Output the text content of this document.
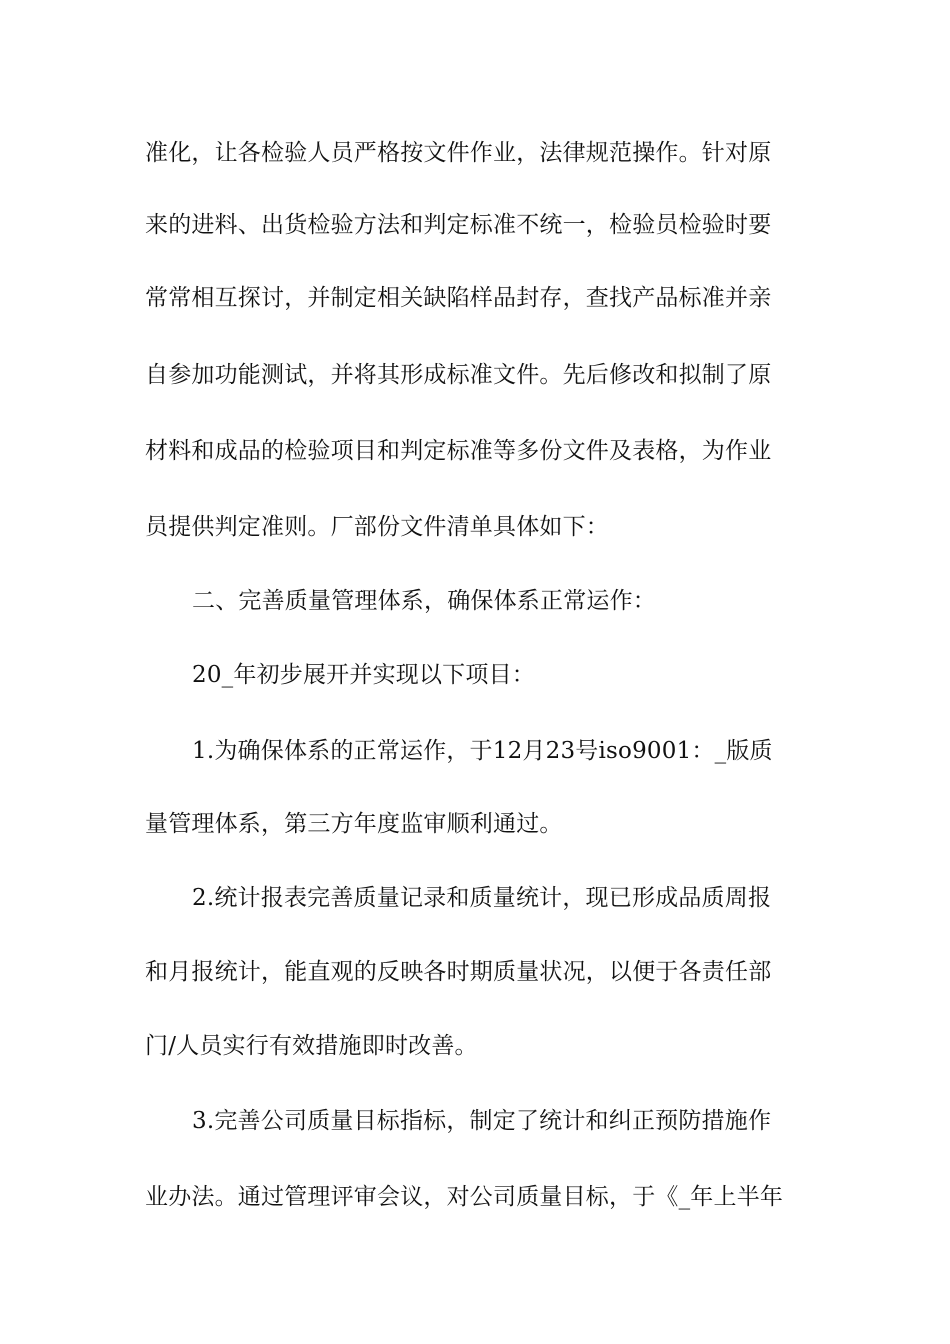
准化，让各检验人员严格按文件作业，法律规范操作。针对原
来的进料、出货检验方法和判定标准不统一，检验员检验时要
常常相互探讨，并制定相关缺陷样品封存，查找产品标准并亲
自参加功能测试，并将其形成标准文件。先后修改和拟制了原
材料和成品的检验项目和判定标准等多份文件及表格，为作业
员提供判定准则。厂部份文件清单具体如下：
二、完善质量管理体系，确保体系正常运作：
20_年初步展开并实现以下项目：
1.为确保体系的正常运作，于12月23号iso9001：_版质
量管理体系，第三方年度监审顺利通过。
2.统计报表完善质量记录和质量统计，现已形成品质周报
和月报统计，能直观的反映各时期质量状况，以便于各责任部
门/人员实行有效措施即时改善。
3.完善公司质量目标指标，制定了统计和纠正预防措施作
业办法。通过管理评审会议，对公司质量目标，于《_年上半年
